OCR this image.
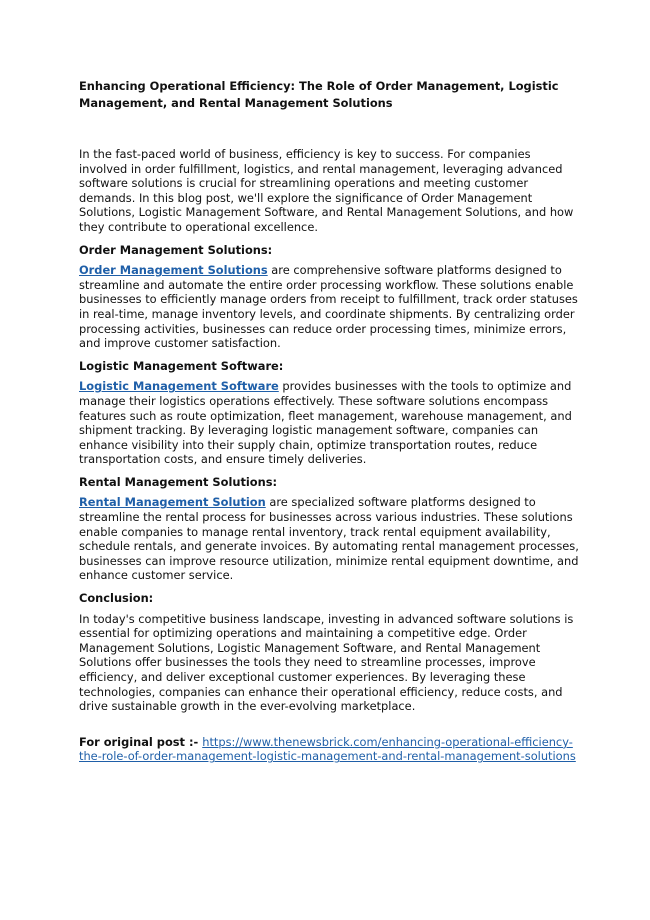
Enhancing Operational Efficiency: The Role of Order Management, Logistic Management, and Rental Management Solutions

In the fast-paced world of business, efficiency is key to success. For companies involved in order fulfillment, logistics, and rental management, leveraging advanced software solutions is crucial for streamlining operations and meeting customer demands. In this blog post, we'll explore the significance of Order Management Solutions, Logistic Management Software, and Rental Management Solutions, and how they contribute to operational excellence.

Order Management Solutions:

Order Management Solutions are comprehensive software platforms designed to streamline and automate the entire order processing workflow. These solutions enable businesses to efficiently manage orders from receipt to fulfillment, track order statuses in real-time, manage inventory levels, and coordinate shipments. By centralizing order processing activities, businesses can reduce order processing times, minimize errors, and improve customer satisfaction.

Logistic Management Software:

Logistic Management Software provides businesses with the tools to optimize and manage their logistics operations effectively. These software solutions encompass features such as route optimization, fleet management, warehouse management, and shipment tracking. By leveraging logistic management software, companies can enhance visibility into their supply chain, optimize transportation routes, reduce transportation costs, and ensure timely deliveries.

Rental Management Solutions:

Rental Management Solution are specialized software platforms designed to streamline the rental process for businesses across various industries. These solutions enable companies to manage rental inventory, track rental equipment availability, schedule rentals, and generate invoices. By automating rental management processes, businesses can improve resource utilization, minimize rental equipment downtime, and enhance customer service.

Conclusion:

In today's competitive business landscape, investing in advanced software solutions is essential for optimizing operations and maintaining a competitive edge. Order Management Solutions, Logistic Management Software, and Rental Management Solutions offer businesses the tools they need to streamline processes, improve efficiency, and deliver exceptional customer experiences. By leveraging these technologies, companies can enhance their operational efficiency, reduce costs, and drive sustainable growth in the ever-evolving marketplace.

For original post :- https://www.thenewsbrick.com/enhancing-operational-efficiency-the-role-of-order-management-logistic-management-and-rental-management-solutions
